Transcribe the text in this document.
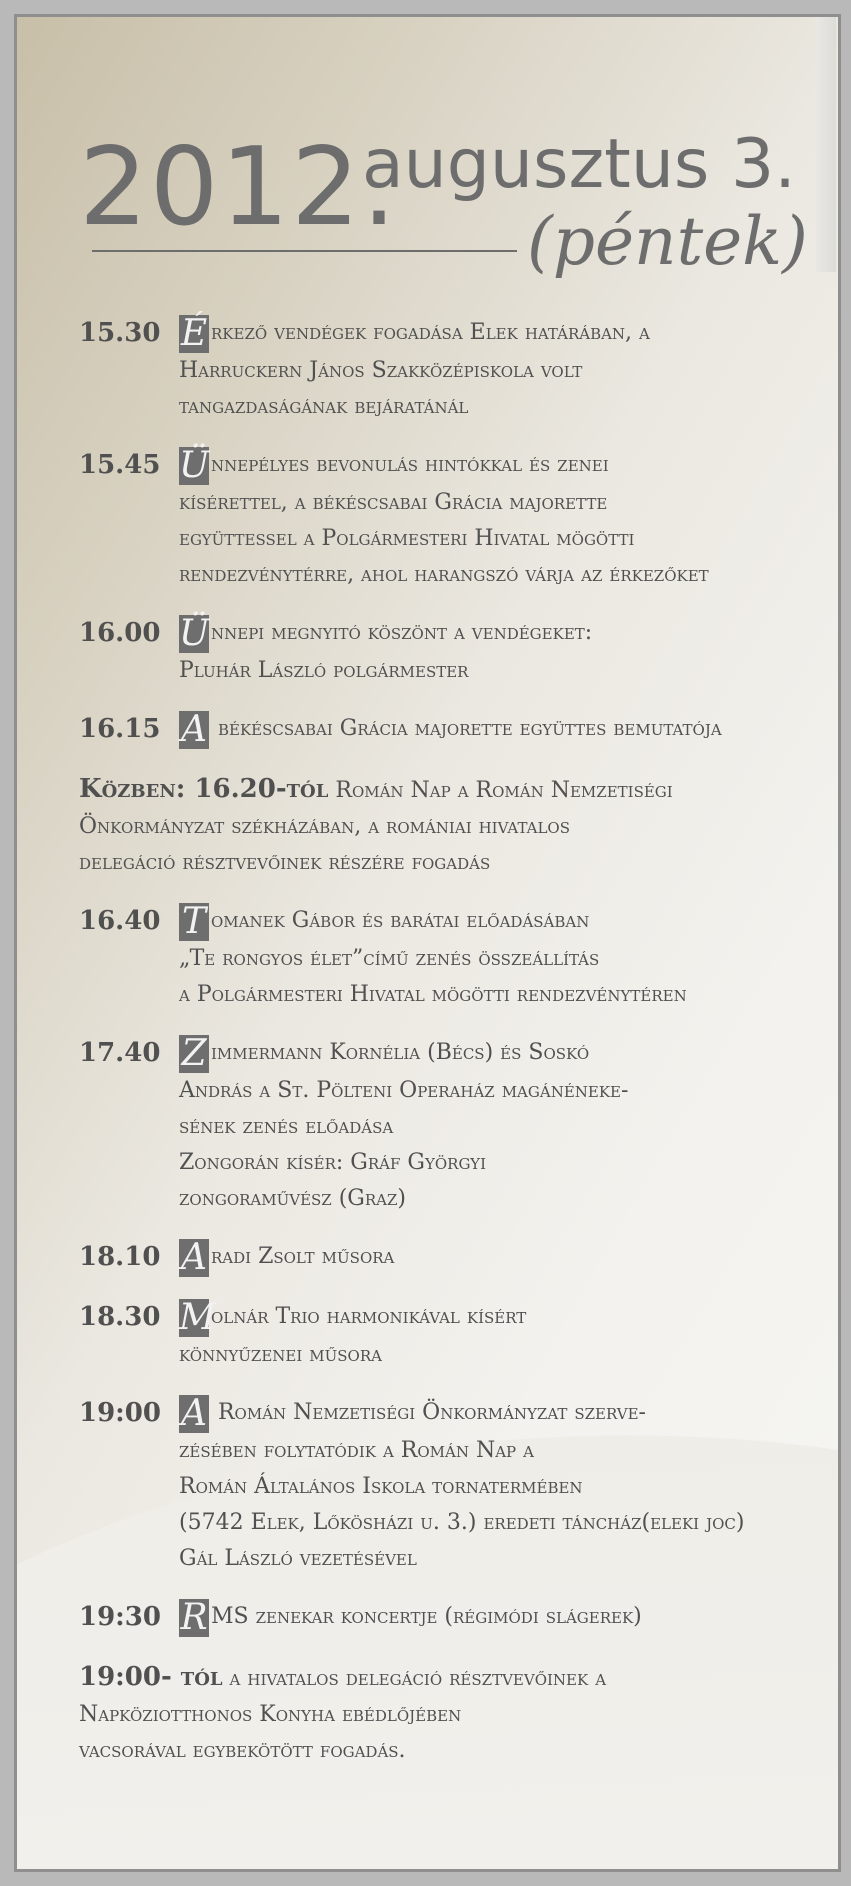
2012.
augusztus 3.
(péntek)
15.30 É rkező vendégek fogadása Elek határában, a
Harruckern János Szakközépiskola volt
tangazdaságának bejáratánál
15.45 Ünnepélyes bevonulás hintókkal és zenei
kísérettel, a békéscsabai Grácia majorette
együttessel a Polgármesteri Hivatal mögötti
rendezvénytérre, ahol harangszó várja az érkezőket
16.00 Ünnepi megnyitó köszönt a vendégeket:
Pluhár László polgármester
16.15 A békéscsabai Grácia majorette együttes bemutatója
Közben: 16.20-tól Román Nap a Román Nemzetiségi
Önkormányzat székházában, a romániai hivatalos
delegáció résztvevőinek részére fogadás
16.40 T omanek Gábor és barátai előadásában
„Te rongyos élet”című zenés összeállítás
a Polgármesteri Hivatal mögötti rendezvénytéren
17.40 Z immermann Kornélia (Bécs) és Soskó
András a St. Pölteni Operaház magánéneke-
sének zenés előadása
Zongorán kísér: Gráf Györgyi
zongoraművész (Graz)
18.10 A radi Zsolt műsora
18.30 Molnár Trio harmonikával kísért
könnyűzenei műsora
19:00 A Román Nemzetiségi Önkormányzat szerve-
zésében folytatódik a Román Nap a
Román Általános Iskola tornatermében
(5742 Elek, Lőkösházi u. 3.) eredeti táncház(eleki joc)
Gál László vezetésével
19:30 R MS zenekar koncertje (régimódi slágerek)
19:00- tól a hivatalos delegáció résztvevőinek a
Napköziotthonos Konyha ebédlőjében
vacsorával egybekötött fogadás.
